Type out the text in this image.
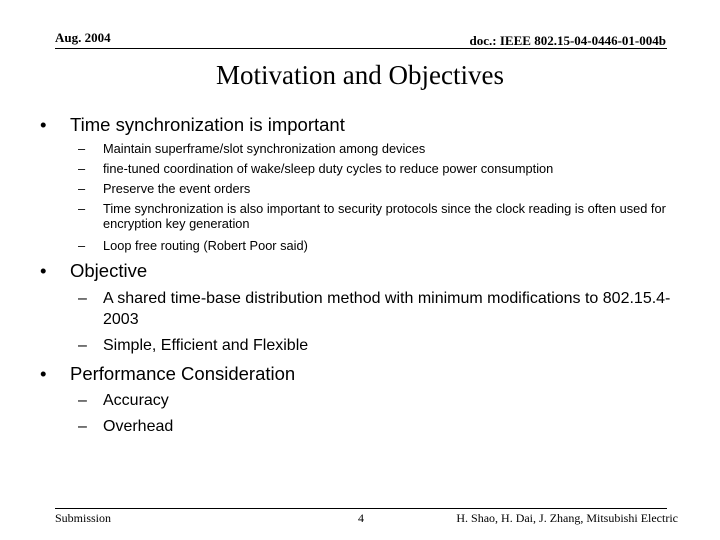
Aug. 2004	doc.: IEEE 802.15-04-0446-01-004b
Motivation and Objectives
• Time synchronization is important
– Maintain superframe/slot synchronization among devices
– fine-tuned coordination of wake/sleep duty cycles to reduce power consumption
– Preserve the event orders
– Time synchronization is also important to security protocols since the clock reading is often used for encryption key generation
– Loop free routing (Robert Poor said)
• Objective
– A shared time-base distribution method with minimum modifications to 802.15.4-2003
– Simple, Efficient and Flexible
• Performance Consideration
– Accuracy
– Overhead
Submission	4	H. Shao, H. Dai, J. Zhang, Mitsubishi Electric
